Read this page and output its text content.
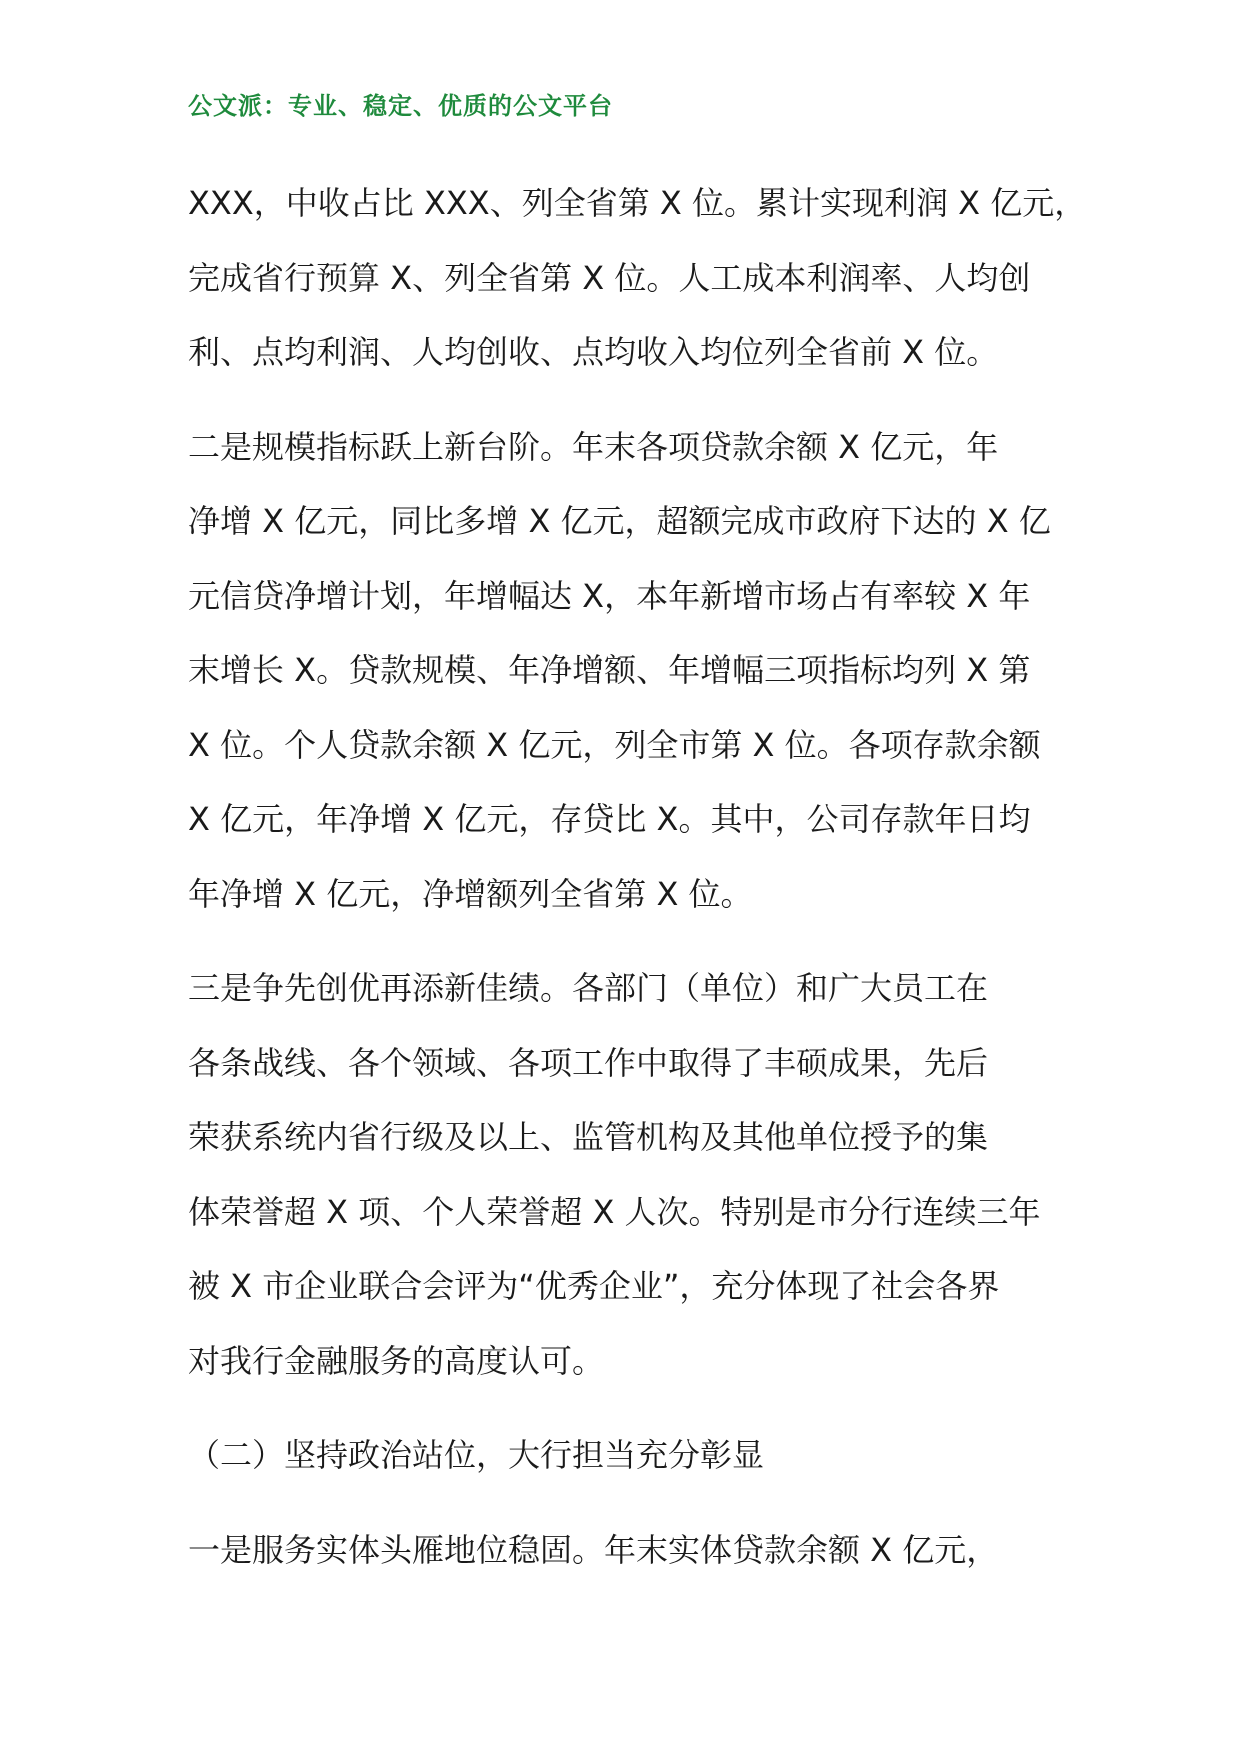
公文派：专业、稳定、优质的公文平台
XXX，中收占比 XXX、列全省第 X 位。累计实现利润 X 亿元，
完成省行预算 X、列全省第 X 位。人工成本利润率、人均创
利、点均利润、人均创收、点均收入均位列全省前 X 位。
二是规模指标跃上新台阶。年末各项贷款余额 X 亿元，年
净增 X 亿元，同比多增 X 亿元，超额完成市政府下达的 X 亿
元信贷净增计划，年增幅达 X，本年新增市场占有率较 X 年
末增长 X。贷款规模、年净增额、年增幅三项指标均列 X 第
X 位。个人贷款余额 X 亿元，列全市第 X 位。各项存款余额
X 亿元，年净增 X 亿元，存贷比 X。其中，公司存款年日均
年净增 X 亿元，净增额列全省第 X 位。
三是争先创优再添新佳绩。各部门（单位）和广大员工在
各条战线、各个领域、各项工作中取得了丰硕成果，先后
荣获系统内省行级及以上、监管机构及其他单位授予的集
体荣誉超 X 项、个人荣誉超 X 人次。特别是市分行连续三年
被 X 市企业联合会评为“优秀企业”，充分体现了社会各界
对我行金融服务的高度认可。
（二）坚持政治站位，大行担当充分彰显
一是服务实体头雁地位稳固。年末实体贷款余额 X 亿元，
